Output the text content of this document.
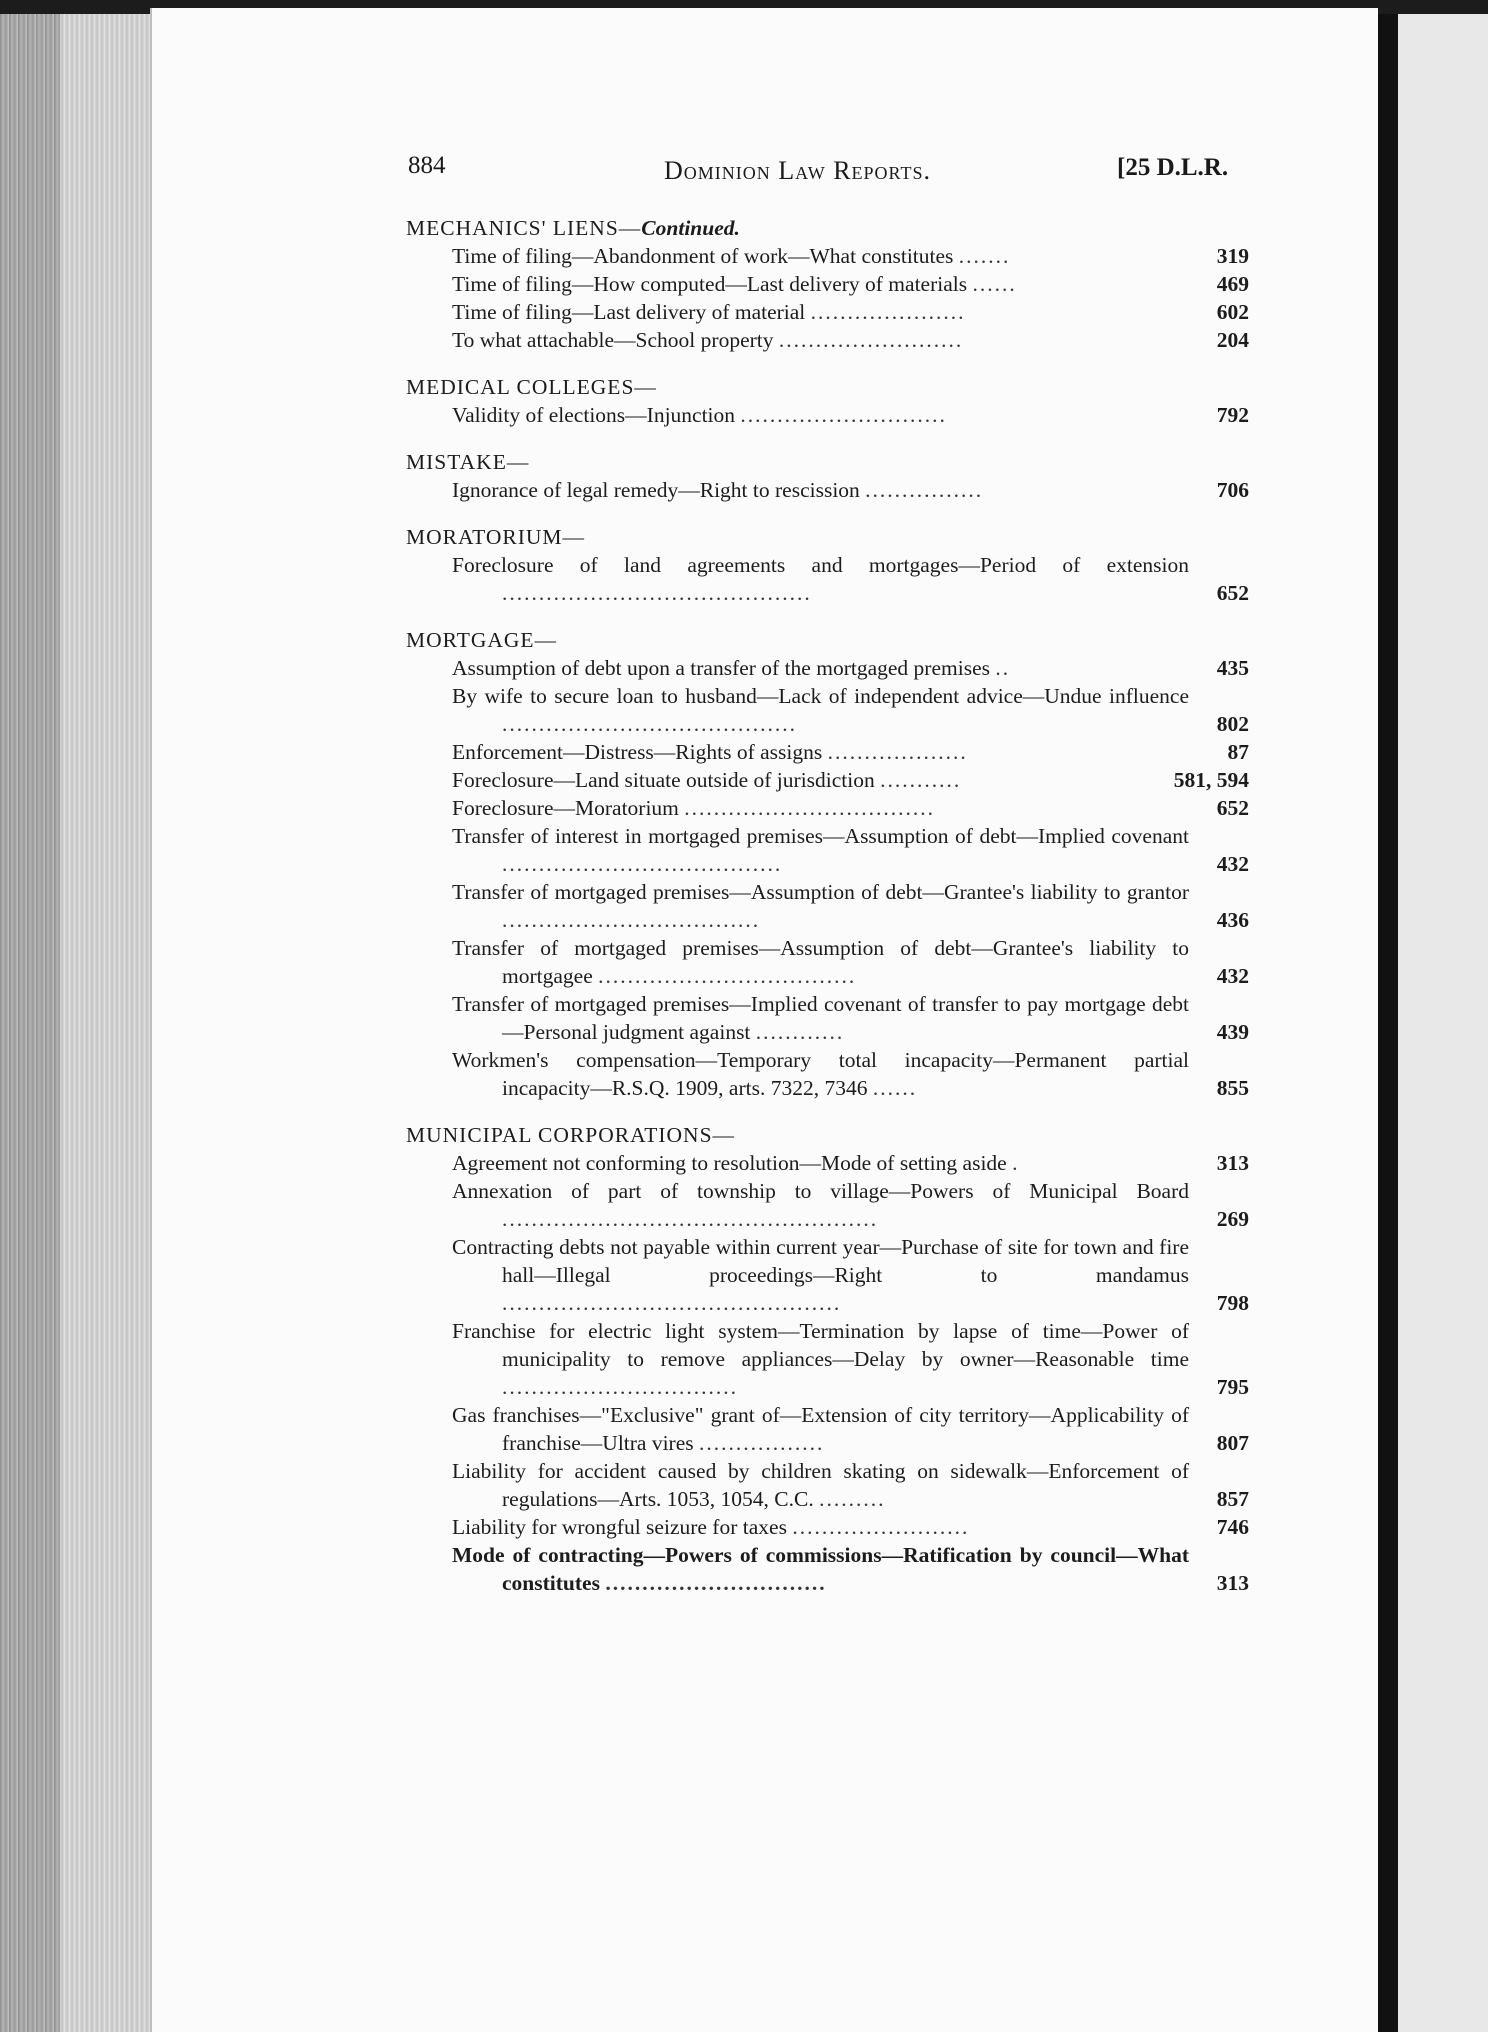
884	Dominion Law Reports.	[25 D.L.R.
MECHANICS' LIENS—Continued.
Time of filing—Abandonment of work—What constitutes .......	319
Time of filing—How computed—Last delivery of materials ......	469
Time of filing—Last delivery of material .....................	602
To what attachable—School property .........................	204
MEDICAL COLLEGES—
Validity of elections—Injunction ............................	792
MISTAKE—
Ignorance of legal remedy—Right to rescission ................	706
MORATORIUM—
Foreclosure of land agreements and mortgages—Period of extension ..........................................	652
MORTGAGE—
Assumption of debt upon a transfer of the mortgaged premises ..	435
By wife to secure loan to husband—Lack of independent advice—Undue influence ........................................	802
Enforcement—Distress—Rights of assigns ...................	87
Foreclosure—Land situate outside of jurisdiction ...........	581, 594
Foreclosure—Moratorium ..................................	652
Transfer of interest in mortgaged premises—Assumption of debt—Implied covenant ......................................	432
Transfer of mortgaged premises—Assumption of debt—Grantee's liability to grantor ...................................	436
Transfer of mortgaged premises—Assumption of debt—Grantee's liability to mortgagee ...................................	432
Transfer of mortgaged premises—Implied covenant of transfer to pay mortgage debt—Personal judgment against ............	439
Workmen's compensation—Temporary total incapacity—Permanent partial incapacity—R.S.Q. 1909, arts. 7322, 7346 ......	855
MUNICIPAL CORPORATIONS—
Agreement not conforming to resolution—Mode of setting aside .	313
Annexation of part of township to village—Powers of Municipal Board ...................................................	269
Contracting debts not payable within current year—Purchase of site for town and fire hall—Illegal proceedings—Right to mandamus ..............................................	798
Franchise for electric light system—Termination by lapse of time—Power of municipality to remove appliances—Delay by owner—Reasonable time ................................	795
Gas franchises—"Exclusive" grant of—Extension of city territory—Applicability of franchise—Ultra vires .................	807
Liability for accident caused by children skating on sidewalk—Enforcement of regulations—Arts. 1053, 1054, C.C. .........	857
Liability for wrongful seizure for taxes ........................	746
Mode of contracting—Powers of commissions—Ratification by council—What constitutes ..............................	313
